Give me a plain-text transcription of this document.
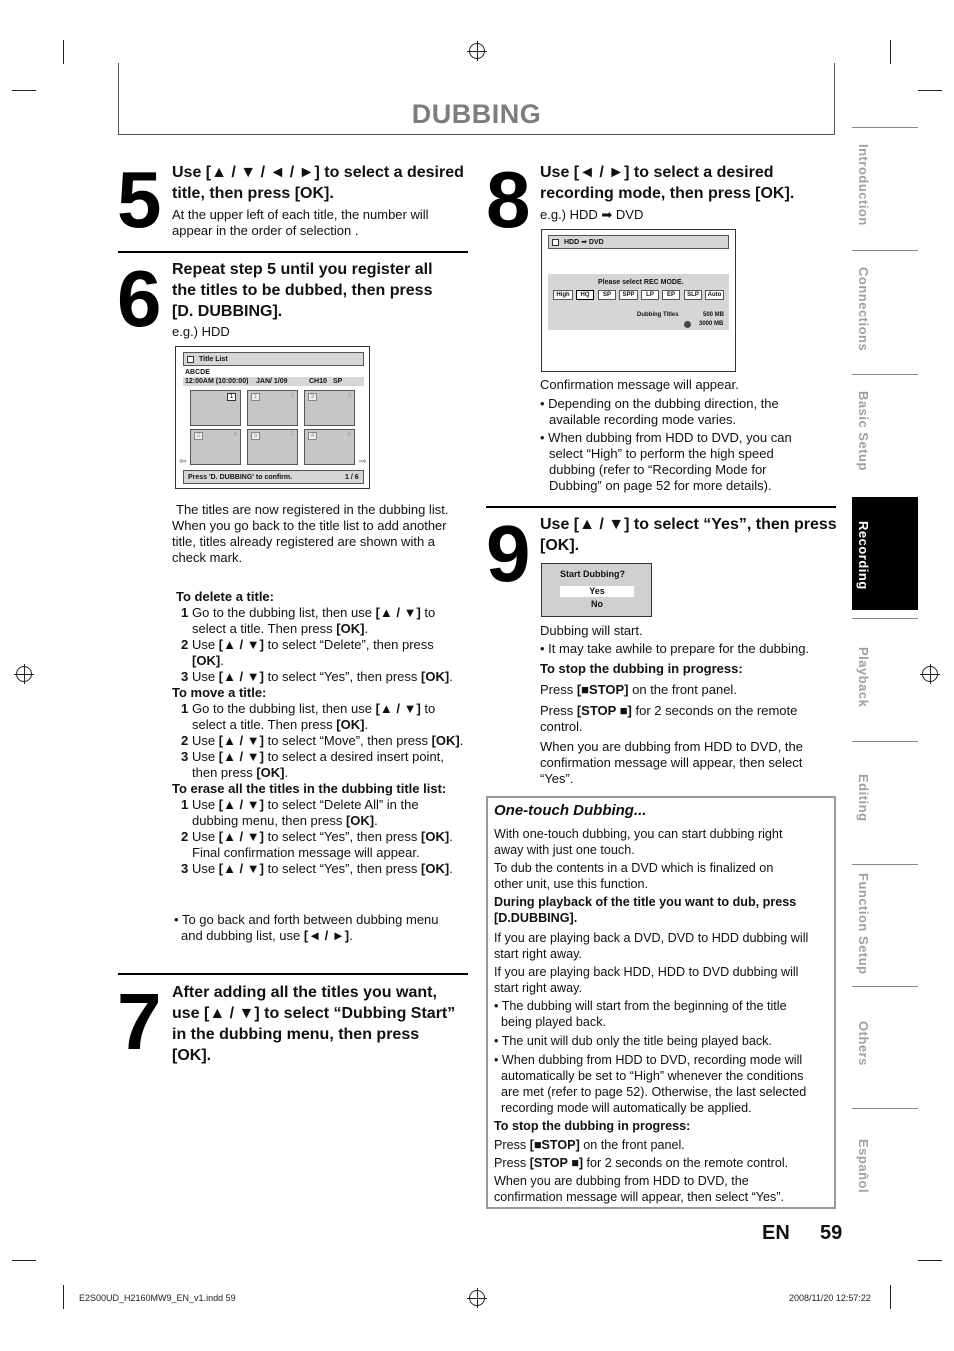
DUBBING
Introduction
Connections
Basic Setup
Recording
Playback
Editing
Function Setup
Others
Español
5 Use [▲ / ▼ / ◄ / ►] to select a desired
title, then press [OK].
At the upper left of each title, the number will
appear in the order of selection .
6 Repeat step 5 until you register all
the titles to be dubbed, then press
[D. DUBBING].
e.g.) HDD
Title List
ABCDE
12:00AM (10:00:00) JAN/ 1/09	CH10 SP
1	1	2	3	3
2	4	5	5	4	6
⇦	⇨
Press 'D. DUBBING' to confirm.	1 / 6
The titles are now registered in the dubbing list.
When you go back to the title list to add another
title, titles already registered are shown with a
check mark.
To delete a title:
1 Go to the dubbing list, then use [▲ / ▼] to
select a title. Then press [OK].
2 Use [▲ / ▼] to select “Delete”, then press
[OK].
3 Use [▲ / ▼] to select “Yes”, then press [OK].
To move a title:
1 Go to the dubbing list, then use [▲ / ▼] to
select a title. Then press [OK].
2 Use [▲ / ▼] to select “Move”, then press [OK].
3 Use [▲ / ▼] to select a desired insert point,
then press [OK].
To erase all the titles in the dubbing title list:
1 Use [▲ / ▼] to select “Delete All” in the
dubbing menu, then press [OK].
2 Use [▲ / ▼] to select “Yes”, then press [OK].
Final confirmation message will appear.
3 Use [▲ / ▼] to select “Yes”, then press [OK].
• To go back and forth between dubbing menu
and dubbing list, use [◄ / ►].
7 After adding all the titles you want,
use [▲ / ▼] to select “Dubbing Start”
in the dubbing menu, then press
[OK].
8 Use [◄ / ►] to select a desired
recording mode, then press [OK].
e.g.) HDD ➡ DVD
HDD ➡ DVD
Please select REC MODE.
High	HQ	SP	SPP	LP	EP	SLP	Auto
Dubbing Titles	500 MB
3000 MB
Confirmation message will appear.
• Depending on the dubbing direction, the
available recording mode varies.
• When dubbing from HDD to DVD, you can
select “High” to perform the high speed
dubbing (refer to “Recording Mode for
Dubbing” on page 52 for more details).
9 Use [▲ / ▼] to select “Yes”, then press
[OK].
Start Dubbing?
Yes
No
Dubbing will start.
• It may take awhile to prepare for the dubbing.
To stop the dubbing in progress:
Press [■STOP] on the front panel.
Press [STOP ■] for 2 seconds on the remote
control.
When you are dubbing from HDD to DVD, the
confirmation message will appear, then select
“Yes”.
One-touch Dubbing...
With one-touch dubbing, you can start dubbing right
away with just one touch.
To dub the contents in a DVD which is finalized on
other unit, use this function.
During playback of the title you want to dub, press
[D.DUBBING].
If you are playing back a DVD, DVD to HDD dubbing will
start right away.
If you are playing back HDD, HDD to DVD dubbing will
start right away.
• The dubbing will start from the beginning of the title
being played back.
• The unit will dub only the title being played back.
• When dubbing from HDD to DVD, recording mode will
automatically be set to “High” whenever the conditions
are met (refer to page 52). Otherwise, the last selected
recording mode will automatically be applied.
To stop the dubbing in progress:
Press [■STOP] on the front panel.
Press [STOP ■] for 2 seconds on the remote control.
When you are dubbing from HDD to DVD, the
confirmation message will appear, then select “Yes”.
EN 59
E2S00UD_H2160MW9_EN_v1.indd 59	2008/11/20 12:57:22
